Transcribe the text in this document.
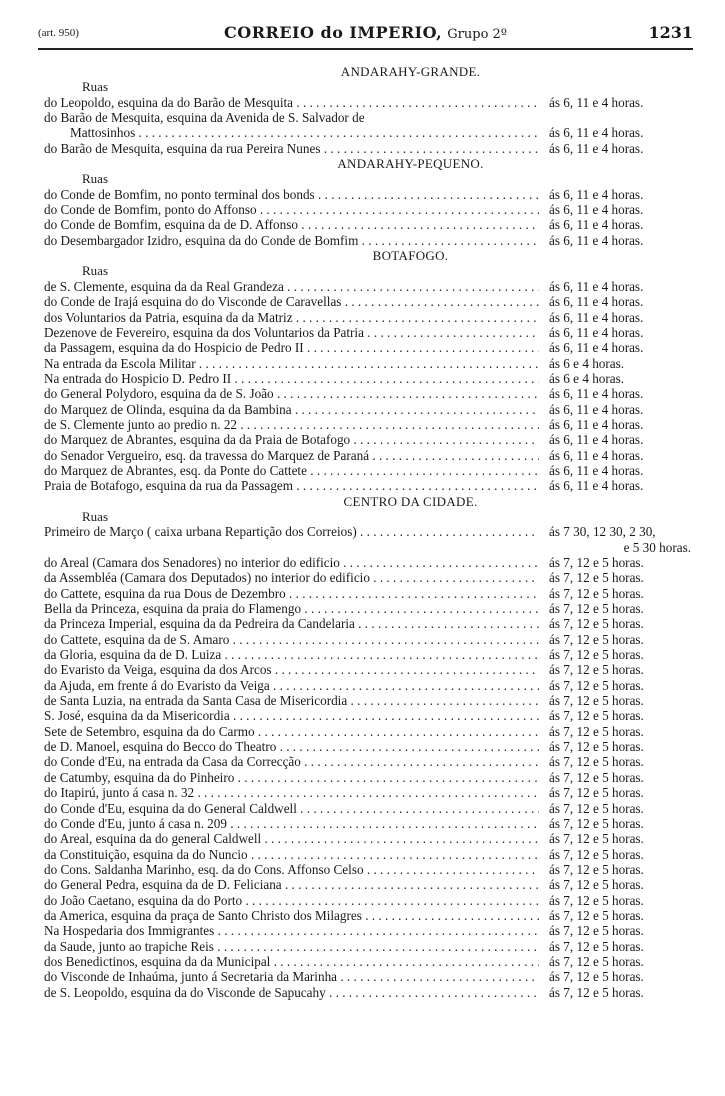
(art. 950)	CORREIO do IMPERIO, Grupo 2º	1231
ANDARAHY-GRANDE.
Ruas
do Leopoldo, esquina da do Barão de Mesquita . . .	ás 6, 11 e 4 horas.
do Barão de Mesquita, esquina da Avenida de S. Salvador de
Mattosinhos . . .	ás 6, 11 e 4 horas.
do Barão de Mesquita, esquina da rua Pereira Nunes . . .	ás 6, 11 e 4 horas.
ANDARAHY-PEQUENO.
Ruas
do Conde de Bomfim, no ponto terminal dos bonds . . .	ás 6, 11 e 4 horas.
do Conde de Bomfim, ponto do Affonso . . .	ás 6, 11 e 4 horas.
do Conde de Bomfim, esquina da de D. Affonso . . .	ás 6, 11 e 4 horas.
do Desembargador Izidro, esquina da do Conde de Bomfim . . .	ás 6, 11 e 4 horas.
BOTAFOGO.
Ruas
de S. Clemente, esquina da da Real Grandeza . . .	ás 6, 11 e 4 horas.
do Conde de Irajá esquina do do Visconde de Caravellas . . .	ás 6, 11 e 4 horas.
dos Voluntarios da Patria, esquina da da Matriz . . .	ás 6, 11 e 4 horas.
Dezenove de Fevereiro, esquina da dos Voluntarios da Patria . . .	ás 6, 11 e 4 horas.
da Passagem, esquina da do Hospicio de Pedro II . . .	ás 6, 11 e 4 horas.
Na entrada da Escola Militar . . .	ás 6 e 4 horas.
Na entrada do Hospicio D. Pedro II . . .	ás 6 e 4 horas.
do General Polydoro, esquina da de S. João . . .	ás 6, 11 e 4 horas.
do Marquez de Olinda, esquina da da Bambina . . .	ás 6, 11 e 4 horas.
de S. Clemente junto ao predio n. 22 . . .	ás 6, 11 e 4 horas.
do Marquez de Abrantes, esquina da da Praia de Botafogo . . .	ás 6, 11 e 4 horas.
do Senador Vergueiro, esq. da travessa do Marquez de Paraná . . .	ás 6, 11 e 4 horas.
do Marquez de Abrantes, esq. da Ponte do Cattete . . .	ás 6, 11 e 4 horas.
Praia de Botafogo, esquina da rua da Passagem . . .	ás 6, 11 e 4 horas.
CENTRO DA CIDADE.
Ruas
Primeiro de Março ( caixa urbana Repartição dos Correios) . . .	ás 7 30, 12 30, 2 30,
e 5 30 horas.
do Areal (Camara dos Senadores) no interior do edificio . . .	ás 7, 12 e 5 horas.
da Assembléa (Camara dos Deputados) no interior do edificio . . .	ás 7, 12 e 5 horas.
do Cattete, esquina da rua Dous de Dezembro . . .	ás 7, 12 e 5 horas.
Bella da Princeza, esquina da praia do Flamengo . . .	ás 7, 12 e 5 horas.
da Princeza Imperial, esquina da da Pedreira da Candelaria . . .	ás 7, 12 e 5 horas.
do Cattete, esquina da de S. Amaro . . .	ás 7, 12 e 5 horas.
da Gloria, esquina da de D. Luiza . . .	ás 7, 12 e 5 horas.
do Evaristo da Veiga, esquina da dos Arcos . . .	ás 7, 12 e 5 horas.
da Ajuda, em frente á do Evaristo da Veiga . . .	ás 7, 12 e 5 horas.
de Santa Luzia, na entrada da Santa Casa de Misericordia . . .	ás 7, 12 e 5 horas.
S. José, esquina da da Misericordia . . .	ás 7, 12 e 5 horas.
Sete de Setembro, esquina da do Carmo . . .	ás 7, 12 e 5 horas.
de D. Manoel, esquina do Becco do Theatro . . .	ás 7, 12 e 5 horas.
do Conde d'Eu, na entrada da Casa da Correcção . . .	ás 7, 12 e 5 horas.
de Catumby, esquina da do Pinheiro . . .	ás 7, 12 e 5 horas.
do Itapirú, junto á casa n. 32 . . .	ás 7, 12 e 5 horas.
do Conde d'Eu, esquina da do General Caldwell . . .	ás 7, 12 e 5 horas.
do Conde d'Eu, junto á casa n. 209 . . .	ás 7, 12 e 5 horas.
do Areal, esquina da do general Caldwell . . .	ás 7, 12 e 5 horas.
da Constituição, esquina da do Nuncio . . .	ás 7, 12 e 5 horas.
do Cons. Saldanha Marinho, esq. da do Cons. Affonso Celso . . .	ás 7, 12 e 5 horas.
do General Pedra, esquina da de D. Feliciana . . .	ás 7, 12 e 5 horas.
do João Caetano, esquina da do Porto . . .	ás 7, 12 e 5 horas.
da America, esquina da praça de Santo Christo dos Milagres . . .	ás 7, 12 e 5 horas.
Na Hospedaria dos Immigrantes . . .	ás 7, 12 e 5 horas.
da Saude, junto ao trapiche Reis . . .	ás 7, 12 e 5 horas.
dos Benedictinos, esquina da da Municipal . . .	ás 7, 12 e 5 horas.
do Visconde de Inhaúma, junto á Secretaria da Marinha . . .	ás 7, 12 e 5 horas.
de S. Leopoldo, esquina da do Visconde de Sapucahy . . .	ás 7, 12 e 5 horas.
